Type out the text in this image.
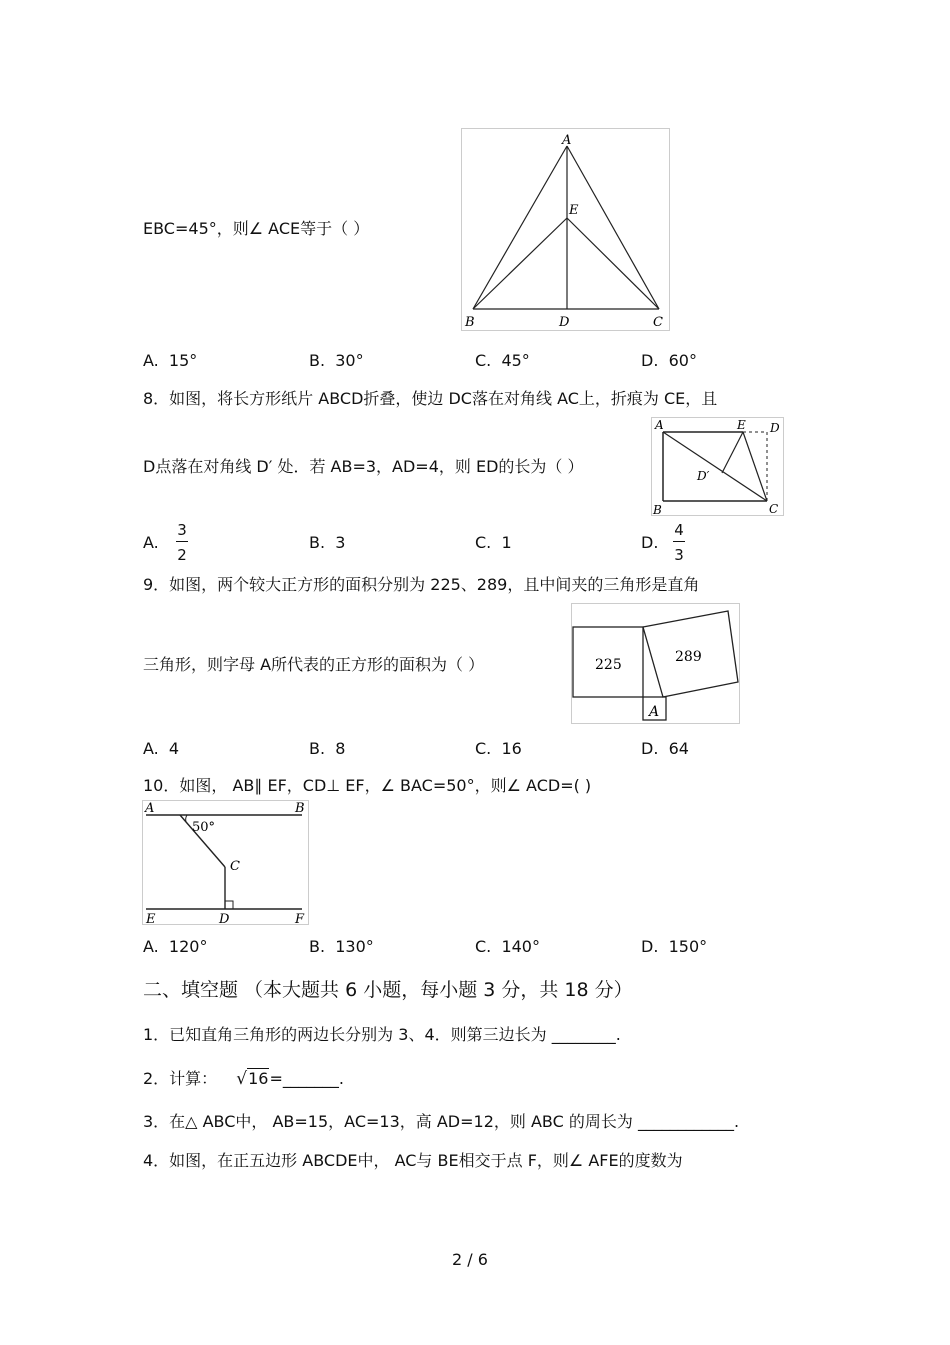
EBC=45°，则∠ ACE等于（ ）
A
E
B	D	C
A. 15°	B. 30°	C. 45°	D. 60°
8．如图，将长方形纸片 ABCD折叠，使边 DC落在对角线 AC上，折痕为 CE，且
D点落在对角线 D′ 处．若 AB=3，AD=4，则 ED的长为（ ）
A	E D
D′
B	C
A.
3
2
B. 3	C. 1	D.
4
3
9．如图，两个较大正方形的面积分别为 225、289，且中间夹的三角形是直角
三角形，则字母 A所代表的正方形的面积为（ ）	225	289
A
A. 4	B. 8	C. 16	D. 64
10．如图， AB∥ EF，CD⊥ EF，∠ BAC=50°，则∠ ACD=( )
50°
A	B
C
E	D	F
A. 120°	B. 130°	C. 140°	D. 150°
二、填空题 （本大题共 6 小题，每小题 3 分，共 18 分）
1．已知直角三角形的两边长分别为 3、4．则第三边长为 ________.
2．计算： √16=_______.
3．在△ ABC中， AB=15，AC=13，高 AD=12，则 ABC 的周长为 ____________.
4．如图，在正五边形 ABCDE中， AC与 BE相交于点 F，则∠ AFE的度数为
2 / 6
